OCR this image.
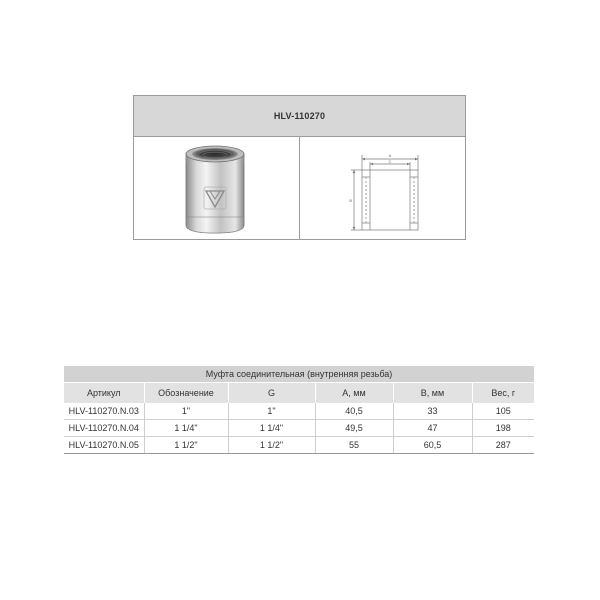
HLV-110270
A
C
B
Муфта соединительная (внутренняя резьба)					
Артикул	Обозначение	G	A, мм	B, мм	Вес, г
HLV-110270.N.03	1"	1"	40,5	33	105
HLV-110270.N.04	1 1/4"	1 1/4"	49,5	47	198
HLV-110270.N.05	1 1/2"	1 1/2"	55	60,5	287
